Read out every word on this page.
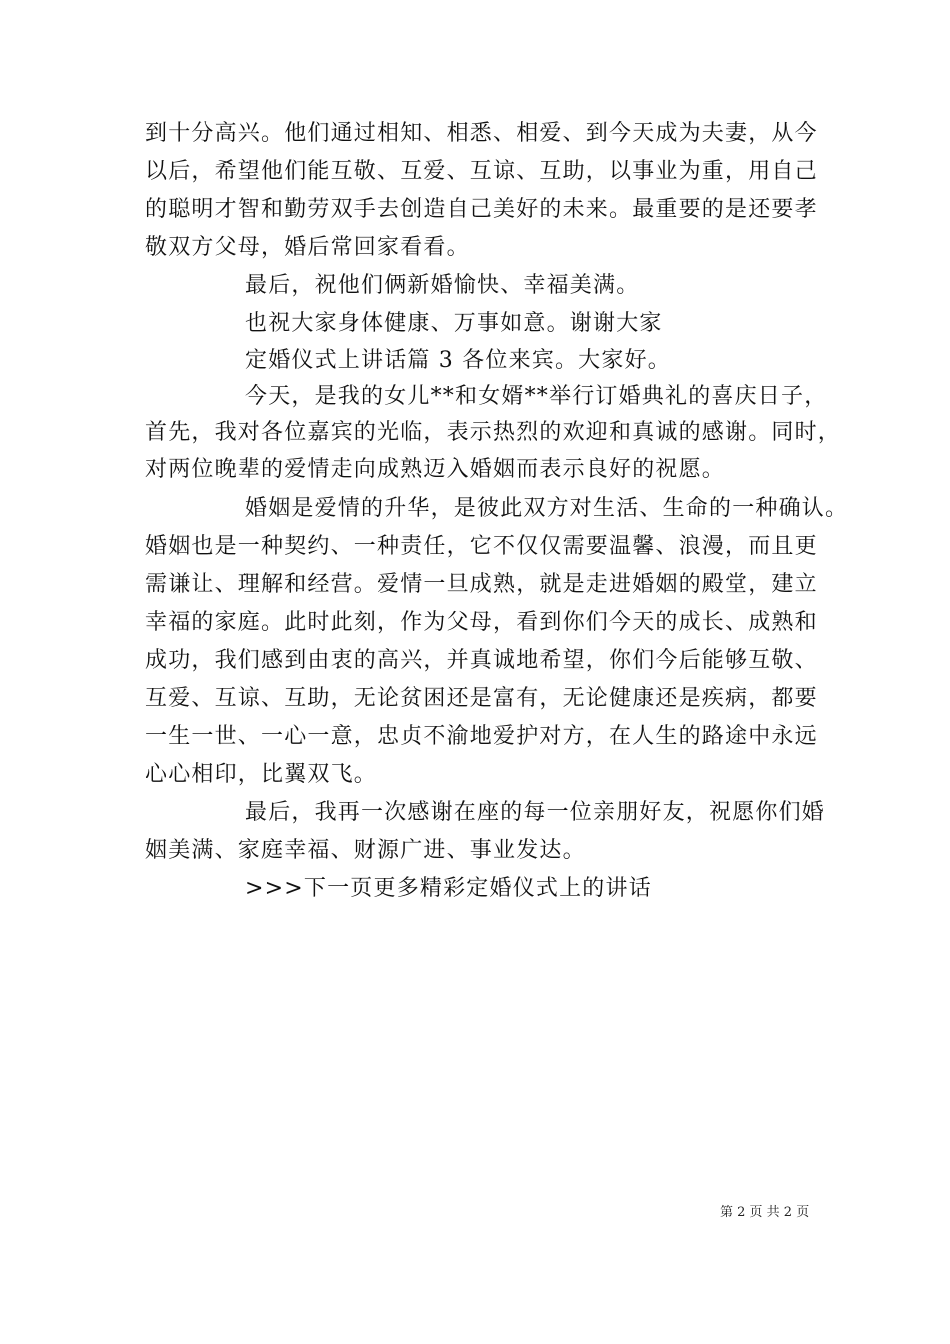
到十分高兴。他们通过相知、相悉、相爱、到今天成为夫妻，从今
以后，希望他们能互敬、互爱、互谅、互助，以事业为重，用自己
的聪明才智和勤劳双手去创造自己美好的未来。最重要的是还要孝
敬双方父母，婚后常回家看看。
最后，祝他们俩新婚愉快、幸福美满。
也祝大家身体健康、万事如意。谢谢大家
定婚仪式上讲话篇 3 各位来宾。大家好。
今天，是我的女儿**和女婿**举行订婚典礼的喜庆日子，
首先，我对各位嘉宾的光临，表示热烈的欢迎和真诚的感谢。同时，
对两位晚辈的爱情走向成熟迈入婚姻而表示良好的祝愿。
婚姻是爱情的升华，是彼此双方对生活、生命的一种确认。
婚姻也是一种契约、一种责任，它不仅仅需要温馨、浪漫，而且更
需谦让、理解和经营。爱情一旦成熟，就是走进婚姻的殿堂，建立
幸福的家庭。此时此刻，作为父母，看到你们今天的成长、成熟和
成功，我们感到由衷的高兴，并真诚地希望，你们今后能够互敬、
互爱、互谅、互助，无论贫困还是富有，无论健康还是疾病，都要
一生一世、一心一意，忠贞不渝地爱护对方，在人生的路途中永远
心心相印，比翼双飞。
最后，我再一次感谢在座的每一位亲朋好友，祝愿你们婚
姻美满、家庭幸福、财源广进、事业发达。
>>>下一页更多精彩定婚仪式上的讲话
第 2 页 共 2 页
